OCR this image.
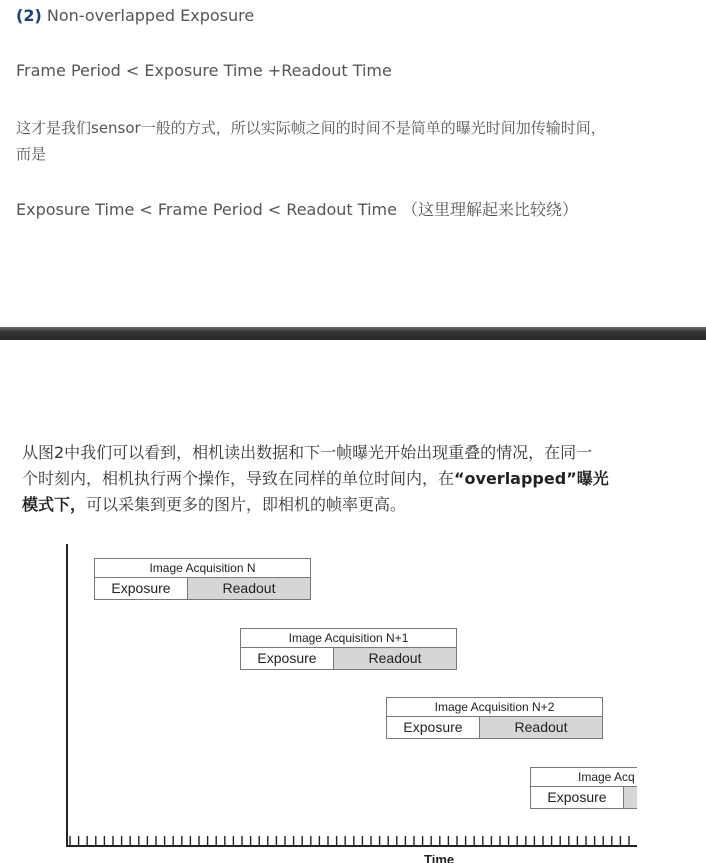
(2) Non-overlapped Exposure

Frame Period < Exposure Time +Readout Time

这才是我们sensor一般的方式，所以实际帧之间的时间不是简单的曝光时间加传输时间，

而是

Exposure Time < Frame Period < Readout Time （这里理解起来比较绕）

从图2中我们可以看到，相机读出数据和下一帧曝光开始出现重叠的情况，在同一
个时刻内，相机执行两个操作，导致在同样的单位时间内，在“overlapped”曝光
模式下，可以采集到更多的图片，即相机的帧率更高。
Image Acquisition N
Exposure	Readout
Image Acquisition N+1
Exposure	Readout
Image Acquisition N+2
Exposure	Readout
Image Acq
Exposure
Time
